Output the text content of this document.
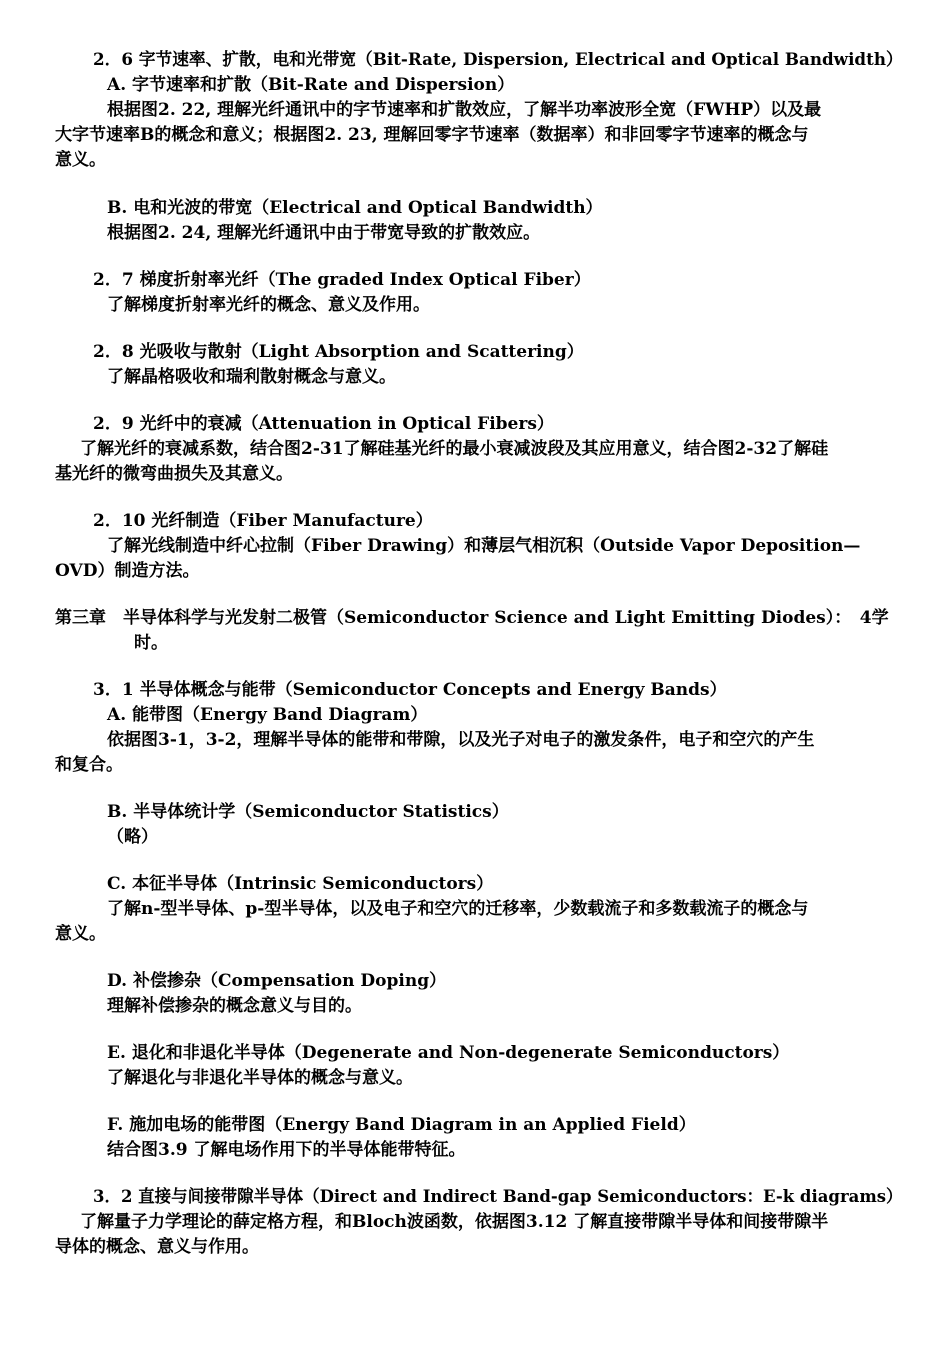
2．6 字节速率、扩散，电和光带宽（Bit-Rate, Dispersion, Electrical and Optical Bandwidth）
A. 字节速率和扩散（Bit-Rate and Dispersion）
根据图2. 22, 理解光纤通讯中的字节速率和扩散效应，了解半功率波形全宽（FWHP）以及最
大字节速率B的概念和意义；根据图2. 23, 理解回零字节速率（数据率）和非回零字节速率的概念与
意义。
B. 电和光波的带宽（Electrical and Optical Bandwidth）
根据图2. 24, 理解光纤通讯中由于带宽导致的扩散效应。
2．7 梯度折射率光纤（The graded Index Optical Fiber）
了解梯度折射率光纤的概念、意义及作用。
2．8 光吸收与散射（Light Absorption and Scattering）
了解晶格吸收和瑞利散射概念与意义。
2．9 光纤中的衰减（Attenuation in Optical Fibers）
了解光纤的衰减系数，结合图2-31了解硅基光纤的最小衰减波段及其应用意义，结合图2-32了解硅
基光纤的微弯曲损失及其意义。
2．10 光纤制造（Fiber Manufacture）
了解光线制造中纤心拉制（Fiber Drawing）和薄层气相沉积（Outside Vapor Deposition—
OVD）制造方法。
第三章　半导体科学与光发射二极管（Semiconductor Science and Light Emitting Diodes）：　4学
时。
3．1 半导体概念与能带（Semiconductor Concepts and Energy Bands）
A. 能带图（Energy Band Diagram）
依据图3-1，3-2，理解半导体的能带和带隙，以及光子对电子的激发条件，电子和空穴的产生
和复合。
B. 半导体统计学（Semiconductor Statistics）
（略）
C. 本征半导体（Intrinsic Semiconductors）
了解n-型半导体、p-型半导体，以及电子和空穴的迁移率，少数载流子和多数载流子的概念与
意义。
D. 补偿掺杂（Compensation Doping）
理解补偿掺杂的概念意义与目的。
E. 退化和非退化半导体（Degenerate and Non-degenerate Semiconductors）
了解退化与非退化半导体的概念与意义。
F. 施加电场的能带图（Energy Band Diagram in an Applied Field）
结合图3.9 了解电场作用下的半导体能带特征。
3．2 直接与间接带隙半导体（Direct and Indirect Band-gap Semiconductors：E-k diagrams）
了解量子力学理论的薛定格方程，和Bloch波函数，依据图3.12 了解直接带隙半导体和间接带隙半
导体的概念、意义与作用。
